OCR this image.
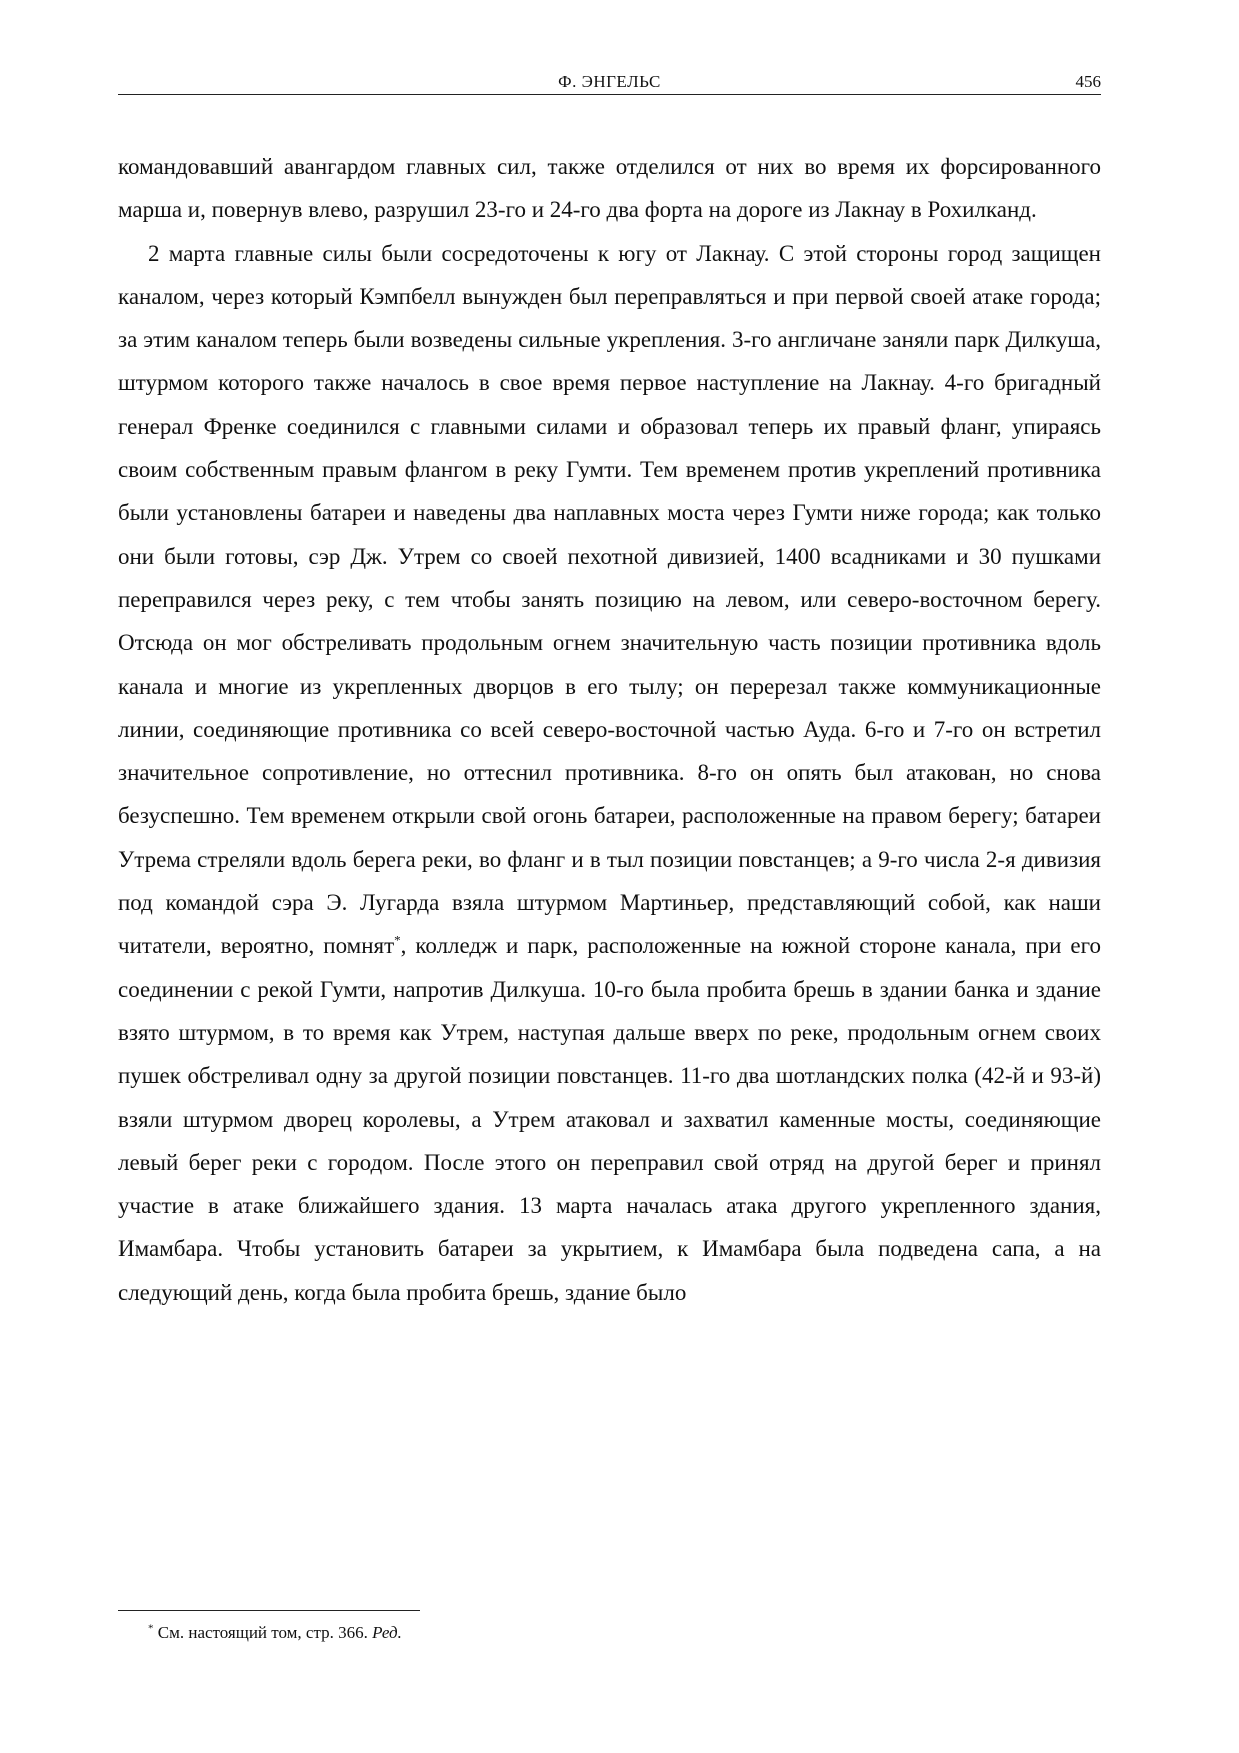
Ф. ЭНГЕЛЬС	456

командовавший авангардом главных сил, также отделился от них во время их форсированного марша и, повернув влево, разрушил 23-го и 24-го два форта на дороге из Лакнау в Рохилканд.

2 марта главные силы были сосредоточены к югу от Лакнау. С этой стороны город защищен каналом, через который Кэмпбелл вынужден был переправляться и при первой своей атаке города; за этим каналом теперь были возведены сильные укрепления. 3-го англичане заняли парк Дилкуша, штурмом которого также началось в свое время первое наступление на Лакнау. 4-го бригадный генерал Френке соединился с главными силами и образовал теперь их правый фланг, упираясь своим собственным правым флангом в реку Гумти. Тем временем против укреплений противника были установлены батареи и наведены два наплавных моста через Гумти ниже города; как только они были готовы, сэр Дж. Утрем со своей пехотной дивизией, 1400 всадниками и 30 пушками переправился через реку, с тем чтобы занять позицию на левом, или северо-восточном берегу. Отсюда он мог обстреливать продольным огнем значительную часть позиции противника вдоль канала и многие из укрепленных дворцов в его тылу; он перерезал также коммуникационные линии, соединяющие противника со всей северо-восточной частью Ауда. 6-го и 7-го он встретил значительное сопротивление, но оттеснил противника. 8-го он опять был атакован, но снова безуспешно. Тем временем открыли свой огонь батареи, расположенные на правом берегу; батареи Утрема стреляли вдоль берега реки, во фланг и в тыл позиции повстанцев; а 9-го числа 2-я дивизия под командой сэра Э. Лугарда взяла штурмом Мартиньер, представляющий собой, как наши читатели, вероятно, помнят*, колледж и парк, расположенные на южной стороне канала, при его соединении с рекой Гумти, напротив Дилкуша. 10-го была пробита брешь в здании банка и здание взято штурмом, в то время как Утрем, наступая дальше вверх по реке, продольным огнем своих пушек обстреливал одну за другой позиции повстанцев. 11-го два шотландских полка (42-й и 93-й) взяли штурмом дворец королевы, а Утрем атаковал и захватил каменные мосты, соединяющие левый берег реки с городом. После этого он переправил свой отряд на другой берег и принял участие в атаке ближайшего здания. 13 марта началась атака другого укрепленного здания, Имамбара. Чтобы установить батареи за укрытием, к Имамбара была подведена сапа, а на следующий день, когда была пробита брешь, здание было

* См. настоящий том, стр. 366. Ред.
